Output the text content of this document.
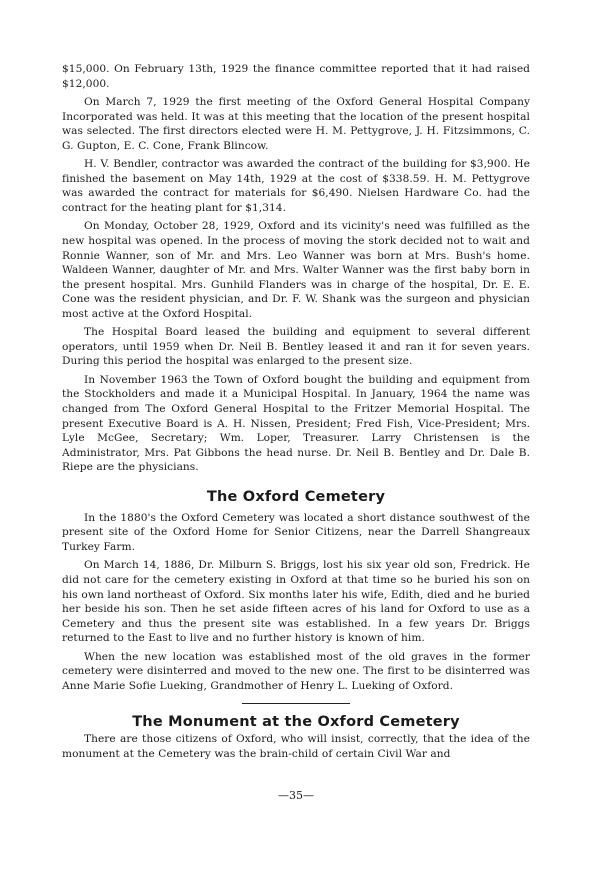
$15,000. On February 13th, 1929 the finance committee reported that it had raised $12,000.

On March 7, 1929 the first meeting of the Oxford General Hospital Company Incorporated was held. It was at this meeting that the location of the present hospital was selected. The first directors elected were H. M. Pettygrove, J. H. Fitzsimmons, C. G. Gupton, E. C. Cone, Frank Blincow.

H. V. Bendler, contractor was awarded the contract of the building for $3,900. He finished the basement on May 14th, 1929 at the cost of $338.59. H. M. Pettygrove was awarded the contract for materials for $6,490. Nielsen Hardware Co. had the contract for the heating plant for $1,314.

On Monday, October 28, 1929, Oxford and its vicinity's need was fulfilled as the new hospital was opened. In the process of moving the stork decided not to wait and Ronnie Wanner, son of Mr. and Mrs. Leo Wanner was born at Mrs. Bush's home. Waldeen Wanner, daughter of Mr. and Mrs. Walter Wanner was the first baby born in the present hospital. Mrs. Gunhild Flanders was in charge of the hospital, Dr. E. E. Cone was the resident physician, and Dr. F. W. Shank was the surgeon and physician most active at the Oxford Hospital.

The Hospital Board leased the building and equipment to several different operators, until 1959 when Dr. Neil B. Bentley leased it and ran it for seven years. During this period the hospital was enlarged to the present size.

In November 1963 the Town of Oxford bought the building and equipment from the Stockholders and made it a Municipal Hospital. In January, 1964 the name was changed from The Oxford General Hospital to the Fritzer Memorial Hospital. The present Executive Board is A. H. Nissen, President; Fred Fish, Vice-President; Mrs. Lyle McGee, Secretary; Wm. Loper, Treasurer. Larry Christensen is the Administrator, Mrs. Pat Gibbons the head nurse. Dr. Neil B. Bentley and Dr. Dale B. Riepe are the physicians.

The Oxford Cemetery

In the 1880's the Oxford Cemetery was located a short distance southwest of the present site of the Oxford Home for Senior Citizens, near the Darrell Shangreaux Turkey Farm.

On March 14, 1886, Dr. Milburn S. Briggs, lost his six year old son, Fredrick. He did not care for the cemetery existing in Oxford at that time so he buried his son on his own land northeast of Oxford. Six months later his wife, Edith, died and he buried her beside his son. Then he set aside fifteen acres of his land for Oxford to use as a Cemetery and thus the present site was established. In a few years Dr. Briggs returned to the East to live and no further history is known of him.

When the new location was established most of the old graves in the former cemetery were disinterred and moved to the new one. The first to be disinterred was Anne Marie Sofie Lueking, Grandmother of Henry L. Lueking of Oxford.

The Monument at the Oxford Cemetery

There are those citizens of Oxford, who will insist, correctly, that the idea of the monument at the Cemetery was the brain-child of certain Civil War and

—35—
